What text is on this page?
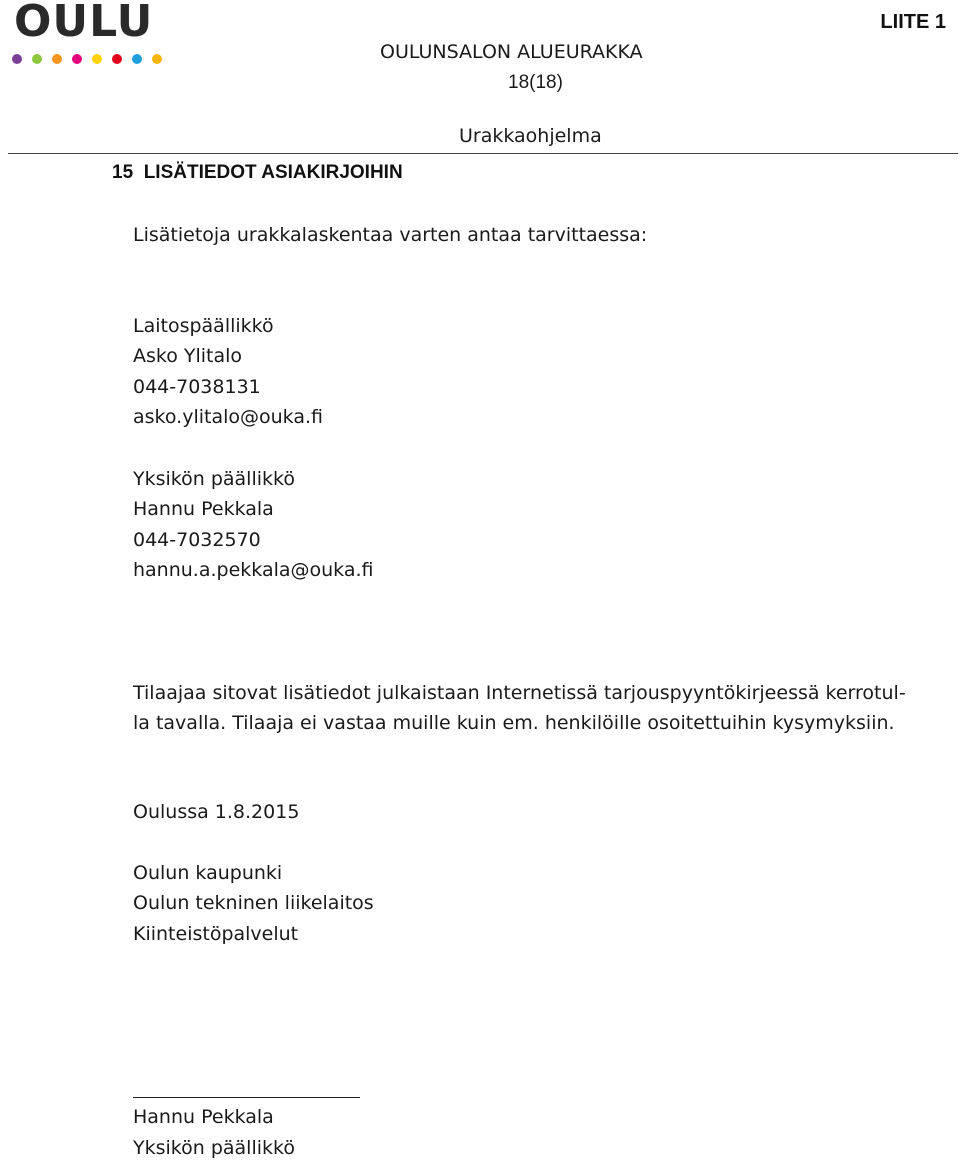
OULU	LIITE 1
OULUNSALON ALUEURAKKA
18(18)
Urakkaohjelma
15 LISÄTIEDOT ASIAKIRJOIHIN

Lisätietoja urakkalaskentaa varten antaa tarvittaessa:

Laitospäällikkö

Asko Ylitalo

044-7038131

asko.ylitalo@ouka.fi

Yksikön päällikkö

Hannu Pekkala

044-7032570

hannu.a.pekkala@ouka.fi

Tilaajaa sitovat lisätiedot julkaistaan Internetissä tarjouspyyntökirjeessä kerrotul-

la tavalla. Tilaaja ei vastaa muille kuin em. henkilöille osoitettuihin kysymyksiin.

Oulussa 1.8.2015

Oulun kaupunki

Oulun tekninen liikelaitos

Kiinteistöpalvelut

Hannu Pekkala

Yksikön päällikkö
